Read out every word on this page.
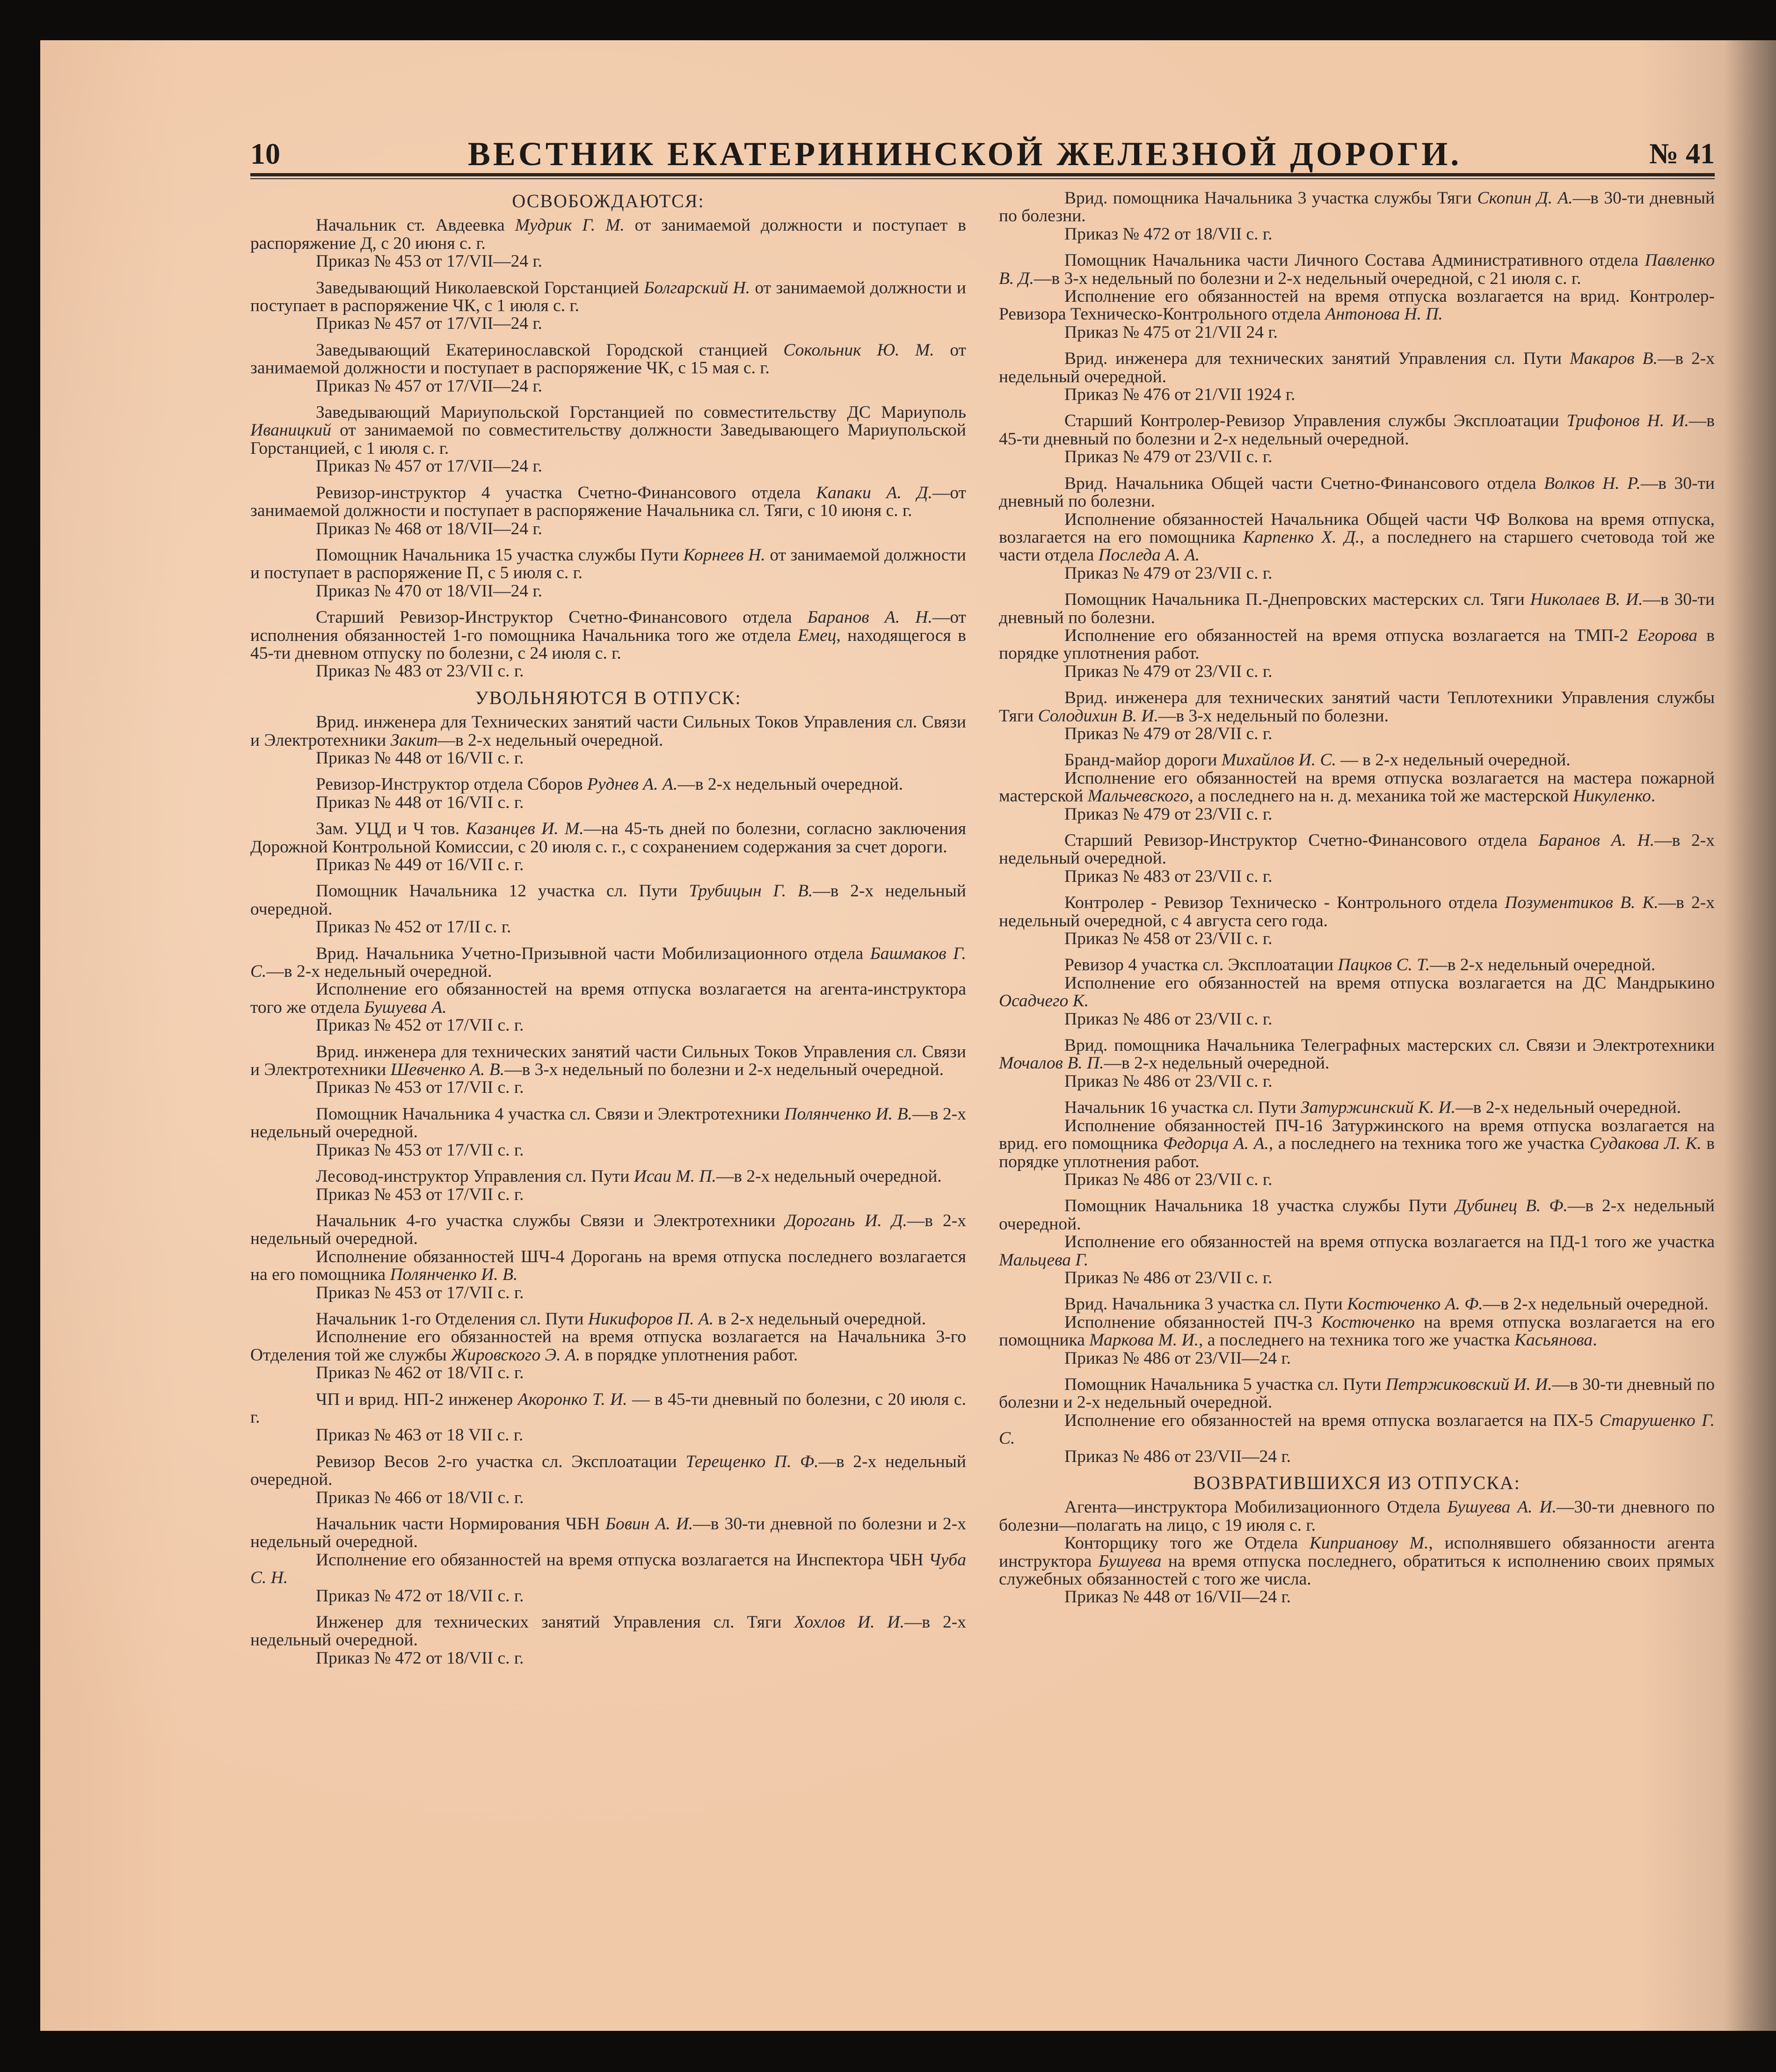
10	ВЕСТНИК ЕКАТЕРИНИНСКОЙ ЖЕЛЕЗНОЙ ДОРОГИ.	№ 41

ОСВОБОЖДАЮТСЯ:

Начальник ст. Авдеевка Мудрик Г. М. от занимаемой должности и поступает в распоряжение Д, с 20 июня с. г.

Приказ № 453 от 17/VII—24 г.

Заведывающий Николаевской Горстанцией Болгарский Н. от занимаемой должности и поступает в распоряжение ЧК, с 1 июля с. г.

Приказ № 457 от 17/VII—24 г.

Заведывающий Екатеринославской Городской станцией Сокольник Ю. М. от занимаемой должности и поступает в распоряжение ЧК, с 15 мая с. г.

Приказ № 457 от 17/VII—24 г.

Заведывающий Мариупольской Горстанцией по совместительству ДС Мариуполь Иваницкий от занимаемой по совместительству должности Заведывающего Мариупольской Горстанцией, с 1 июля с. г.

Приказ № 457 от 17/VII—24 г.

Ревизор-инструктор 4 участка Счетно-Финансового отдела Капаки А. Д.—от занимаемой должности и поступает в распоряжение Начальника сл. Тяги, с 10 июня с. г.

Приказ № 468 от 18/VII—24 г.

Помощник Начальника 15 участка службы Пути Корнеев Н. от занимаемой должности и поступает в распоряжение П, с 5 июля с. г.

Приказ № 470 от 18/VII—24 г.

Старший Ревизор-Инструктор Счетно-Финансового отдела Баранов А. Н.—от исполнения обязанностей 1-го помощника Начальника того же отдела Емец, находящегося в 45-ти дневном отпуску по болезни, с 24 июля с. г.

Приказ № 483 от 23/VII с. г.

УВОЛЬНЯЮТСЯ В ОТПУСК:

Врид. инженера для Технических занятий части Сильных Токов Управления сл. Связи и Электротехники Закит—в 2-х недельный очередной.

Приказ № 448 от 16/VII с. г.

Ревизор-Инструктор отдела Сборов Руднев А. А.—в 2-х недельный очередной.

Приказ № 448 от 16/VII с. г.

Зам. УЦД и Ч тов. Казанцев И. М.—на 45-ть дней по болезни, согласно заключения Дорожной Контрольной Комиссии, с 20 июля с. г., с сохранением содержания за счет дороги.

Приказ № 449 от 16/VII с. г.

Помощник Начальника 12 участка сл. Пути Трубицын Г. В.—в 2-х недельный очередной.

Приказ № 452 от 17/II с. г.

Врид. Начальника Учетно-Призывной части Мобилизационного отдела Башмаков Г. С.—в 2-х недельный очередной.

Исполнение его обязанностей на время отпуска возлагается на агента-инструктора того же отдела Бушуева А.

Приказ № 452 от 17/VII с. г.

Врид. инженера для технических занятий части Сильных Токов Управления сл. Связи и Электротехники Шевченко А. В.—в 3-х недельный по болезни и 2-х недельный очередной.

Приказ № 453 от 17/VII с. г.

Помощник Начальника 4 участка сл. Связи и Электротехники Полянченко И. В.—в 2-х недельный очередной.

Приказ № 453 от 17/VII с. г.

Лесовод-инструктор Управления сл. Пути Исаи М. П.—в 2-х недельный очередной.

Приказ № 453 от 17/VII с. г.

Начальник 4-го участка службы Связи и Электротехники Дорогань И. Д.—в 2-х недельный очередной.

Исполнение обязанностей ШЧ-4 Дорогань на время отпуска последнего возлагается на его помощника Полянченко И. В.

Приказ № 453 от 17/VII с. г.

Начальник 1-го Отделения сл. Пути Никифоров П. А. в 2-х недельный очередной.

Исполнение его обязанностей на время отпуска возлагается на Начальника 3-го Отделения той же службы Жировского Э. А. в порядке уплотнения работ.

Приказ № 462 от 18/VII с. г.

ЧП и врид. НП-2 инженер Акоронко Т. И. — в 45-ти дневный по болезни, с 20 июля с. г.

Приказ № 463 от 18 VII с. г.

Ревизор Весов 2-го участка сл. Эксплоатации Терещенко П. Ф.—в 2-х недельный очередной.

Приказ № 466 от 18/VII с. г.

Начальник части Нормирования ЧБН Бовин А. И.—в 30-ти дневной по болезни и 2-х недельный очередной.

Исполнение его обязанностей на время отпуска возлагается на Инспектора ЧБН Чуба С. Н.

Приказ № 472 от 18/VII с. г.

Инженер для технических занятий Управления сл. Тяги Хохлов И. И.—в 2-х недельный очередной.

Приказ № 472 от 18/VII с. г.

Врид. помощника Начальника 3 участка службы Тяги Скопин Д. А.—в 30-ти дневный по болезни.

Приказ № 472 от 18/VII с. г.

Помощник Начальника части Личного Состава Административного отдела Павленко В. Д.—в 3-х недельный по болезни и 2-х недельный очередной, с 21 июля с. г.

Исполнение его обязанностей на время отпуска возлагается на врид. Контролер-Ревизора Техническо-Контрольного отдела Антонова Н. П.

Приказ № 475 от 21/VII 24 г.

Врид. инженера для технических занятий Управления сл. Пути Макаров В.—в 2-х недельный очередной.

Приказ № 476 от 21/VII 1924 г.

Старший Контролер-Ревизор Управления службы Эксплоатации Трифонов Н. И.—в 45-ти дневный по болезни и 2-х недельный очередной.

Приказ № 479 от 23/VII с. г.

Врид. Начальника Общей части Счетно-Финансового отдела Волков Н. Р.—в 30-ти дневный по болезни.

Исполнение обязанностей Начальника Общей части ЧФ Волкова на время отпуска, возлагается на его помощника Карпенко Х. Д., а последнего на старшего счетовода той же части отдела Последа А. А.

Приказ № 479 от 23/VII с. г.

Помощник Начальника П.-Днепровских мастерских сл. Тяги Николаев В. И.—в 30-ти дневный по болезни.

Исполнение его обязанностей на время отпуска возлагается на ТМП-2 Егорова в порядке уплотнения работ.

Приказ № 479 от 23/VII с. г.

Врид. инженера для технических занятий части Теплотехники Управления службы Тяги Солодихин В. И.—в 3-х недельный по болезни.

Приказ № 479 от 28/VII с. г.

Бранд-майор дороги Михайлов И. С. — в 2-х недельный очередной.

Исполнение его обязанностей на время отпуска возлагается на мастера пожарной мастерской Мальчевского, а последнего на н. д. механика той же мастерской Никуленко.

Приказ № 479 от 23/VII с. г.

Старший Ревизор-Инструктор Счетно-Финансового отдела Баранов А. Н.—в 2-х недельный очередной.

Приказ № 483 от 23/VII с. г.

Контролер - Ревизор Техническо - Контрольного отдела Позументиков В. К.—в 2-х недельный очередной, с 4 августа сего года.

Приказ № 458 от 23/VII с. г.

Ревизор 4 участка сл. Эксплоатации Пацков С. Т.—в 2-х недельный очередной.

Исполнение его обязанностей на время отпуска возлагается на ДС Мандрыкино Осадчего К.

Приказ № 486 от 23/VII с. г.

Врид. помощника Начальника Телеграфных мастерских сл. Связи и Электротехники Мочалов В. П.—в 2-х недельный очередной.

Приказ № 486 от 23/VII с. г.

Начальник 16 участка сл. Пути Затуржинский К. И.—в 2-х недельный очередной.

Исполнение обязанностей ПЧ-16 Затуржинского на время отпуска возлагается на врид. его помощника Федорца А. А., а последнего на техника того же участка Судакова Л. К. в порядке уплотнения работ.

Приказ № 486 от 23/VII с. г.

Помощник Начальника 18 участка службы Пути Дубинец В. Ф.—в 2-х недельный очередной.

Исполнение его обязанностей на время отпуска возлагается на ПД-1 того же участка Мальцева Г.

Приказ № 486 от 23/VII с. г.

Врид. Начальника 3 участка сл. Пути Костюченко А. Ф.—в 2-х недельный очередной.

Исполнение обязанностей ПЧ-3 Костюченко на время отпуска возлагается на его помощника Маркова М. И., а последнего на техника того же участка Касьянова.

Приказ № 486 от 23/VII—24 г.

Помощник Начальника 5 участка сл. Пути Петржиковский И. И.—в 30-ти дневный по болезни и 2-х недельный очередной.

Исполнение его обязанностей на время отпуска возлагается на ПХ-5 Старушенко Г. С.

Приказ № 486 от 23/VII—24 г.

ВОЗВРАТИВШИХСЯ ИЗ ОТПУСКА:

Агента—инструктора Мобилизационного Отдела Бушуева А. И.—30-ти дневного по болезни—полагать на лицо, с 19 июля с. г.

Конторщику того же Отдела Киприанову М., исполнявшего обязанности агента инструктора Бушуева на время отпуска последнего, обратиться к исполнению своих прямых служебных обязанностей с того же числа.

Приказ № 448 от 16/VII—24 г.
